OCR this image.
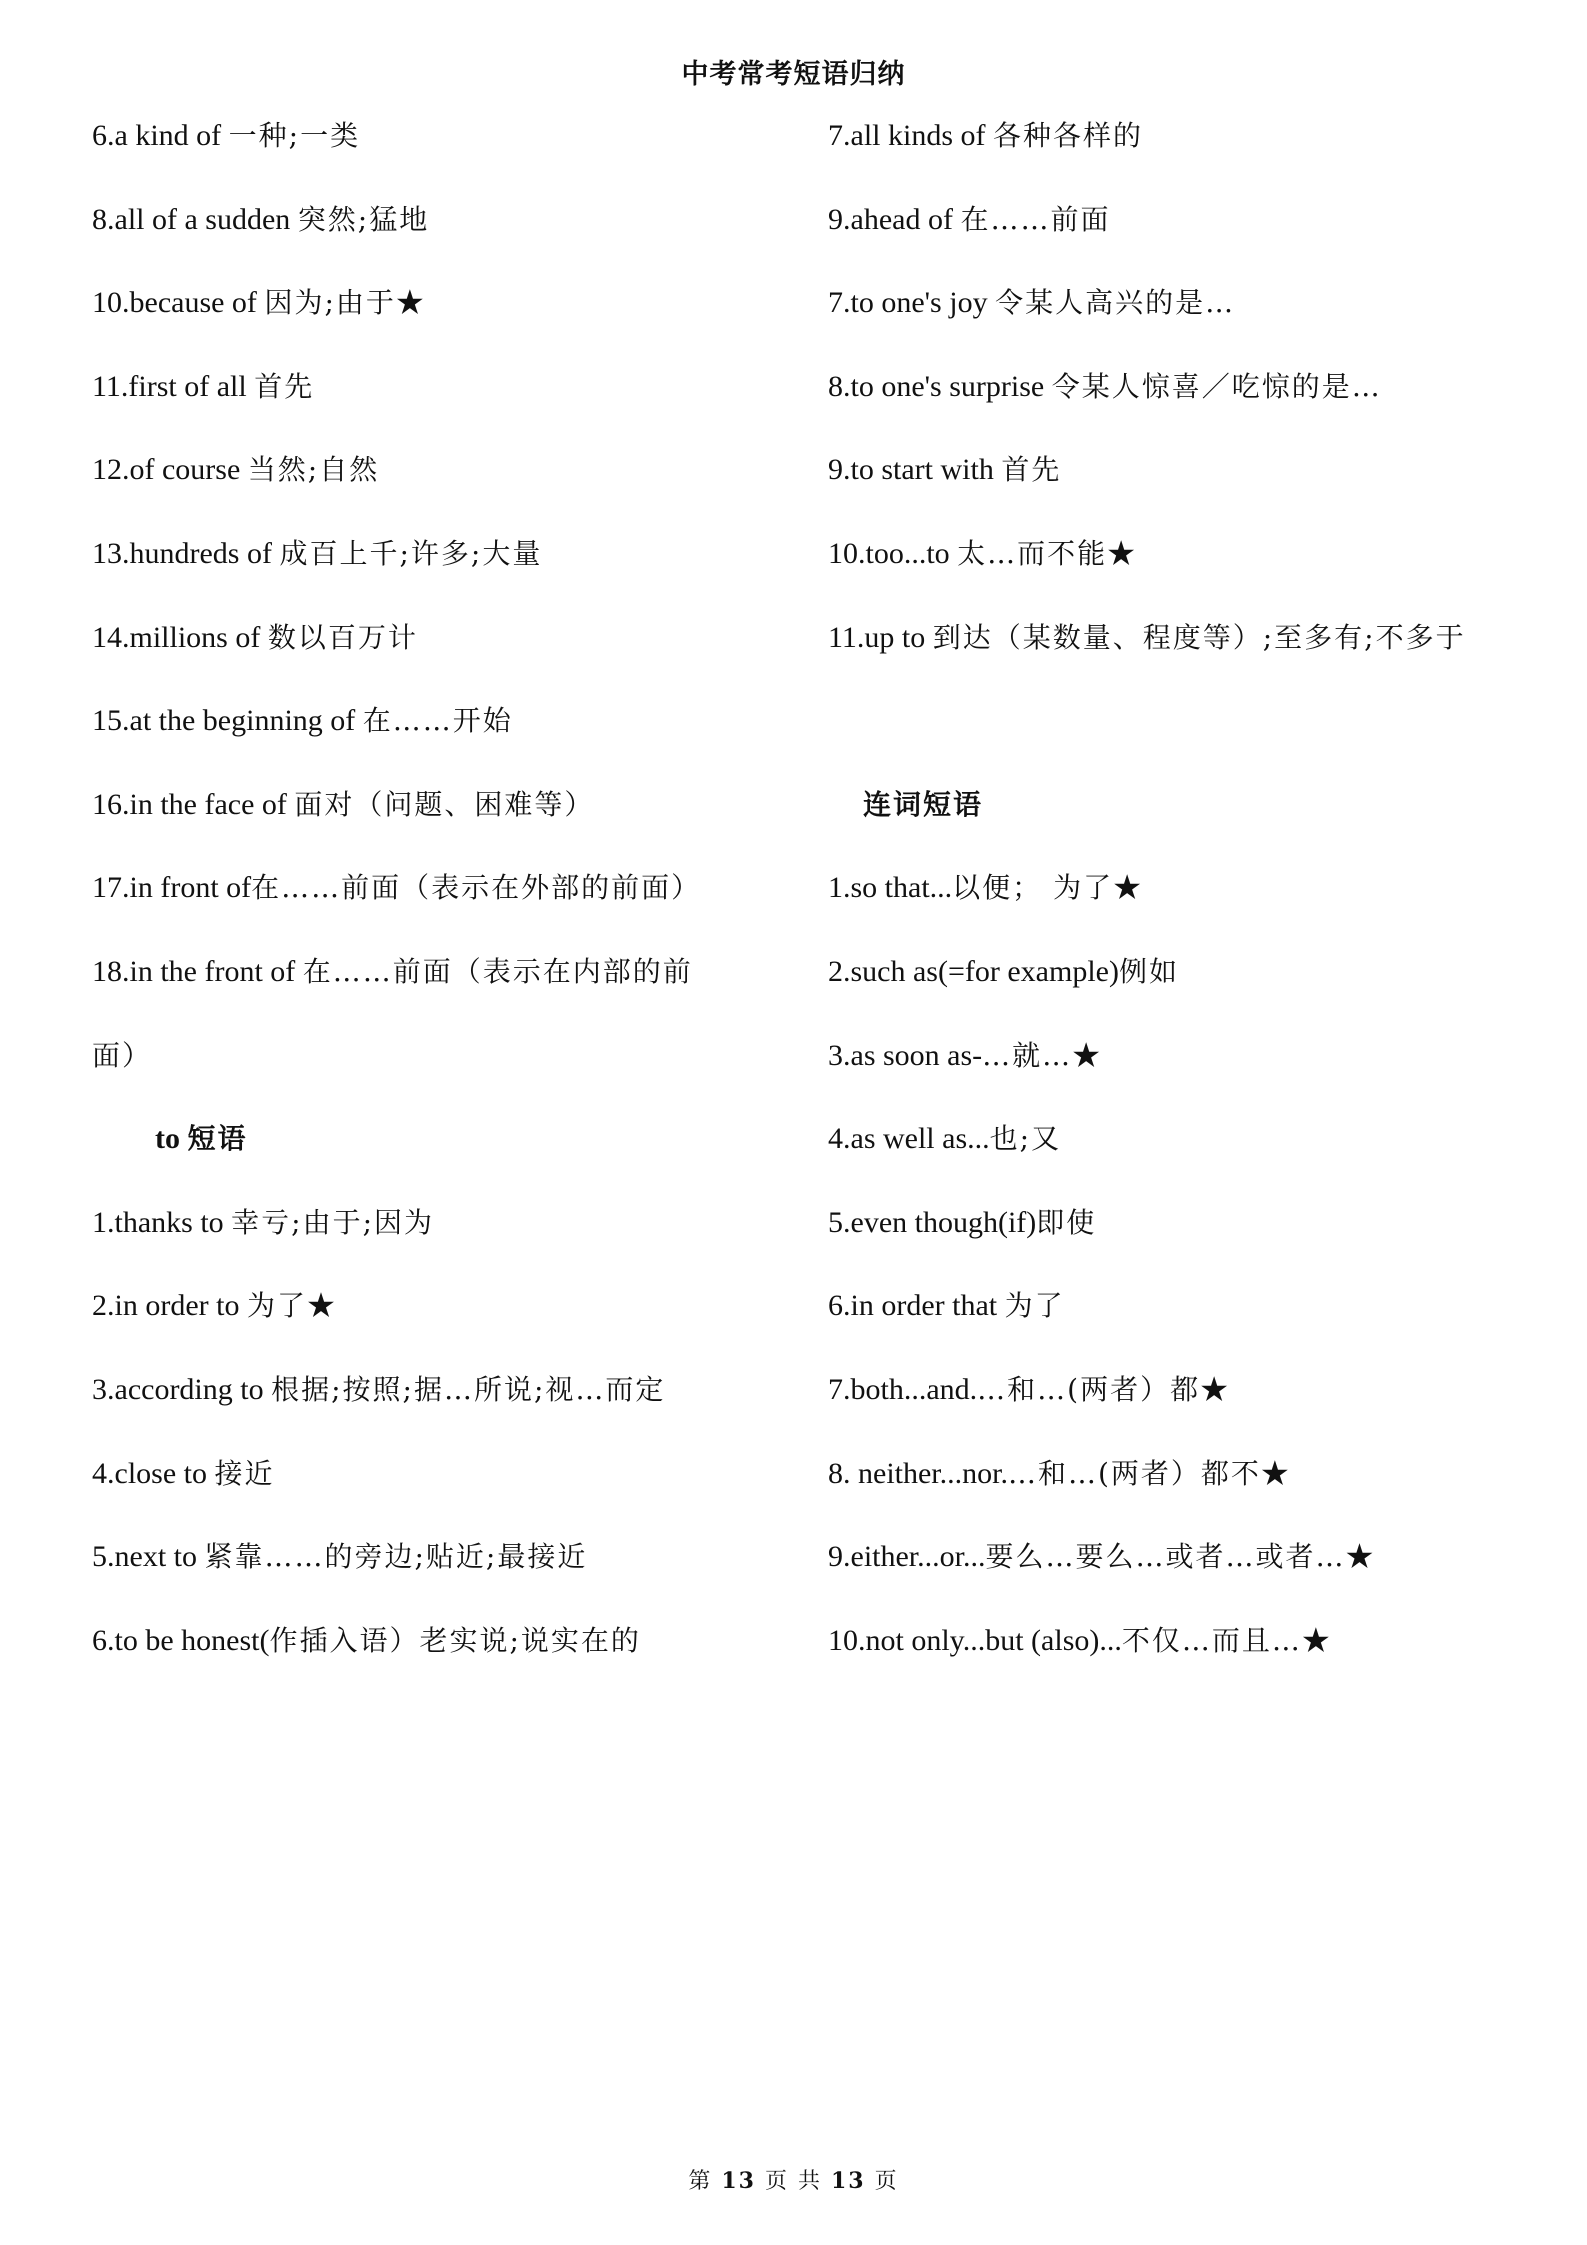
中考常考短语归纳
6.a kind of 一种;一类
8.all of a sudden 突然;猛地
10.because of 因为;由于★
11.first of all 首先
12.of course 当然;自然
13.hundreds of 成百上千;许多;大量
14.millions of 数以百万计
15.at the beginning of 在……开始
16.in the face of 面对（问题、困难等）
17.in front of在……前面（表示在外部的前面）
18.in the front of 在……前面（表示在内部的前
面）
to 短语
1.thanks to 幸亏;由于;因为
2.in order to 为了★
3.according to 根据;按照;据…所说;视…而定
4.close to 接近
5.next to 紧靠……的旁边;贴近;最接近
6.to be honest(作插入语）老实说;说实在的
7.all kinds of 各种各样的
9.ahead of 在……前面
7.to one's joy 令某人高兴的是…
8.to one's surprise 令某人惊喜／吃惊的是…
9.to start with 首先
10.too...to 太…而不能★
11.up to 到达（某数量、程度等）;至多有;不多于
连词短语
1.so that...以便； 为了★
2.such as(=for example)例如
3.as soon as-…就…★
4.as well as...也;又
5.even though(if)即使
6.in order that 为了
7.both...and.…和…(两者）都★
8. neither...nor.…和…(两者）都不★
9.either...or...要么…要么…或者…或者…★
10.not only...but (also)...不仅…而且…★
第 13 页 共 13 页
